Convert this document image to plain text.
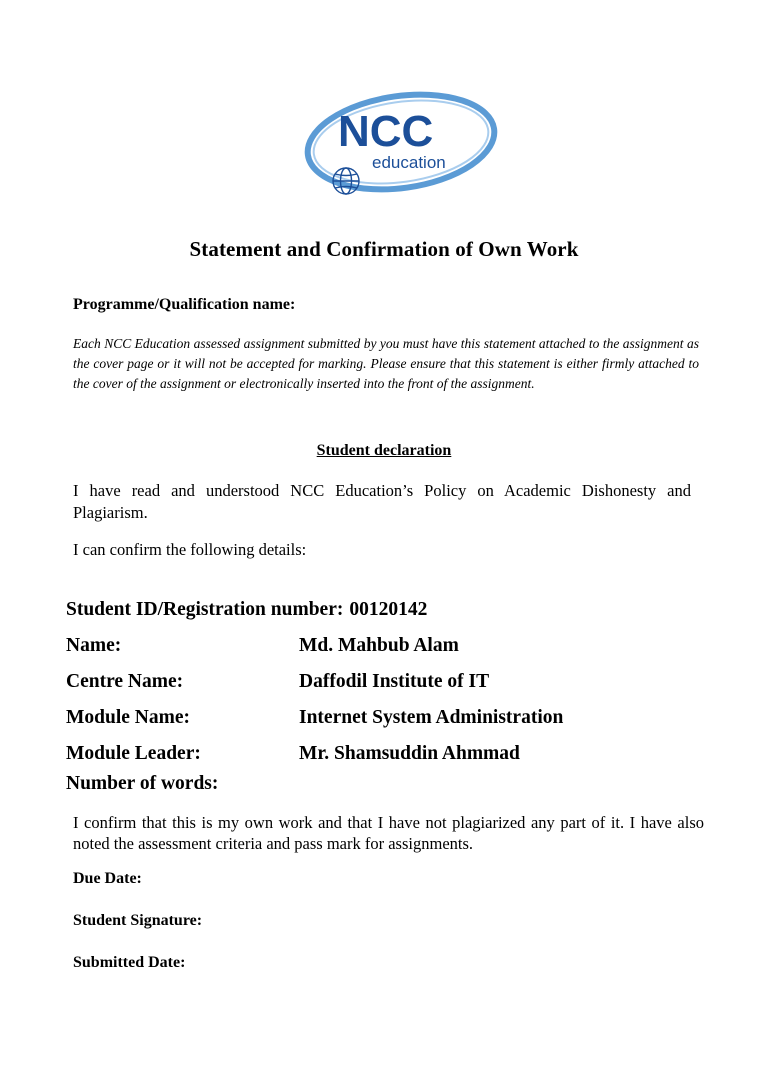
NCC
education
Statement and Confirmation of Own Work
Programme/Qualification name:
Each NCC Education assessed assignment submitted by you must have this statement attached to the assignment as the cover page or it will not be accepted for marking. Please ensure that this statement is either firmly attached to the cover of the assignment or electronically inserted into the front of the assignment.
Student declaration
I have read and understood NCC Education’s Policy on Academic Dishonesty and Plagiarism.
I can confirm the following details:
Student ID/Registration number: 00120142
Name:	Md. Mahbub Alam
Centre Name:	Daffodil Institute of IT
Module Name:	Internet System Administration
Module Leader:	Mr. Shamsuddin Ahmmad
Number of words:
I confirm that this is my own work and that I have not plagiarized any part of it. I have also noted the assessment criteria and pass mark for assignments.
Due Date:
Student Signature:
Submitted Date:
